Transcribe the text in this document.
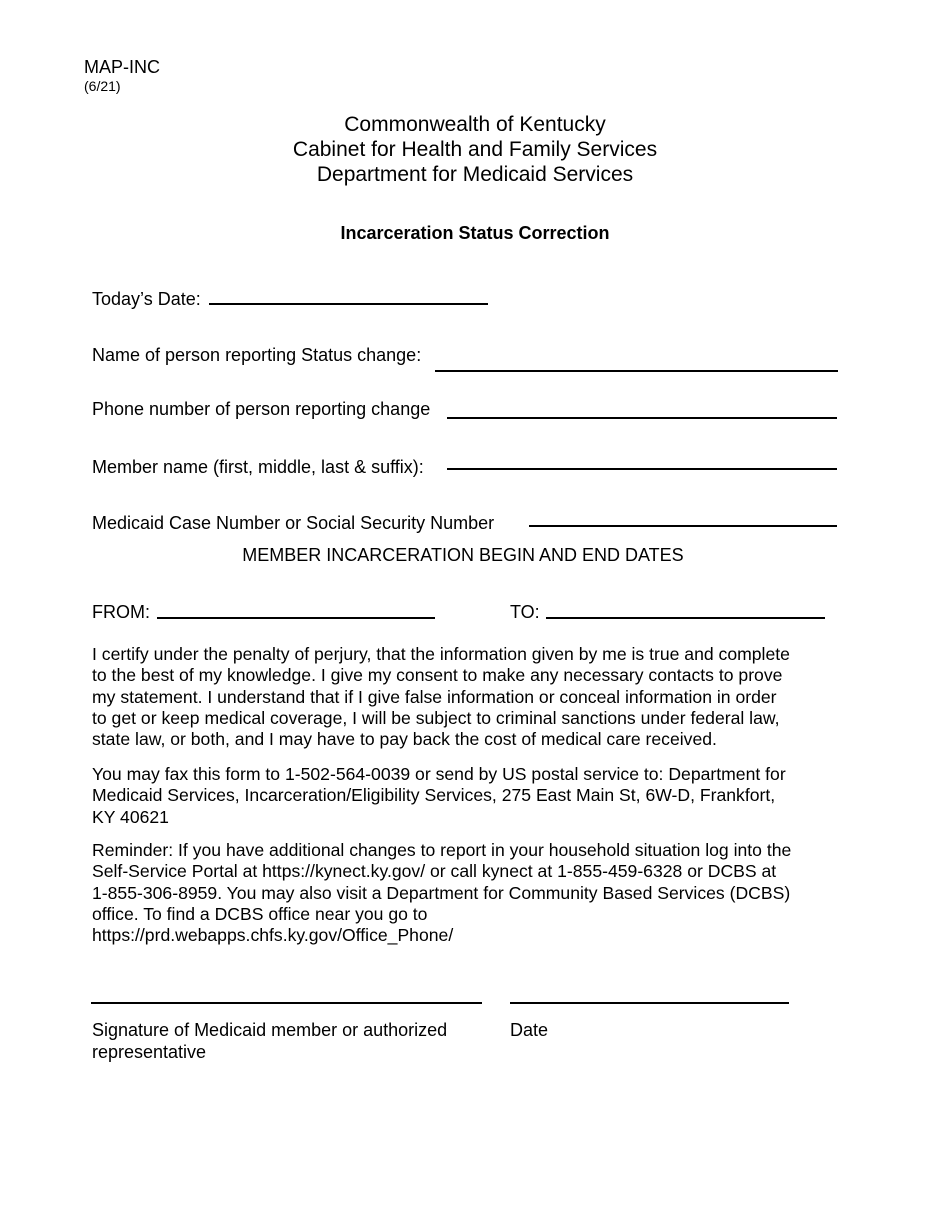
MAP-INC
(6/21)
Commonwealth of Kentucky
Cabinet for Health and Family Services
Department for Medicaid Services
Incarceration Status Correction
Today’s Date:
Name of person reporting Status change:
Phone number of person reporting change
Member name (first, middle, last & suffix):
Medicaid Case Number or Social Security Number
MEMBER INCARCERATION BEGIN AND END DATES
FROM:	TO:

I certify under the penalty of perjury, that the information given by me is true and complete
to the best of my knowledge. I give my consent to make any necessary contacts to prove
my statement. I understand that if I give false information or conceal information in order
to get or keep medical coverage, I will be subject to criminal sanctions under federal law,
state law, or both, and I may have to pay back the cost of medical care received.

You may fax this form to 1-502-564-0039 or send by US postal service to: Department for
Medicaid Services, Incarceration/Eligibility Services, 275 East Main St, 6W-D, Frankfort,
KY 40621

Reminder: If you have additional changes to report in your household situation log into the
Self-Service Portal at https://kynect.ky.gov/ or call kynect at 1-855-459-6328 or DCBS at
1-855-306-8959. You may also visit a Department for Community Based Services (DCBS)
office. To find a DCBS office near you go to
https://prd.webapps.chfs.ky.gov/Office_Phone/

Signature of Medicaid member or authorized
representative
Date
